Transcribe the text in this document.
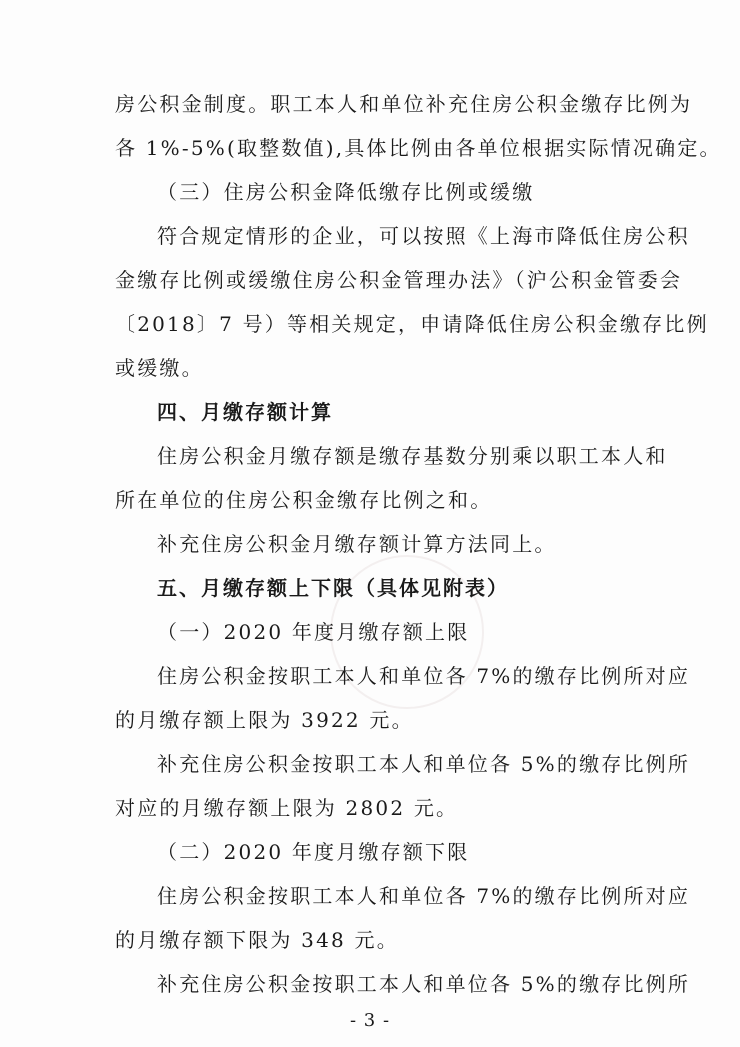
房公积金制度。职工本人和单位补充住房公积金缴存比例为
各 1%-5%(取整数值),具体比例由各单位根据实际情况确定。
（三）住房公积金降低缴存比例或缓缴
符合规定情形的企业，可以按照《上海市降低住房公积
金缴存比例或缓缴住房公积金管理办法》（沪公积金管委会
〔2018〕7 号）等相关规定，申请降低住房公积金缴存比例
或缓缴。
四、月缴存额计算
住房公积金月缴存额是缴存基数分别乘以职工本人和
所在单位的住房公积金缴存比例之和。
补充住房公积金月缴存额计算方法同上。
五、月缴存额上下限（具体见附表）
（一）2020 年度月缴存额上限
住房公积金按职工本人和单位各 7%的缴存比例所对应
的月缴存额上限为 3922 元。
补充住房公积金按职工本人和单位各 5%的缴存比例所
对应的月缴存额上限为 2802 元。
（二）2020 年度月缴存额下限
住房公积金按职工本人和单位各 7%的缴存比例所对应
的月缴存额下限为 348 元。
补充住房公积金按职工本人和单位各 5%的缴存比例所
- 3 -
